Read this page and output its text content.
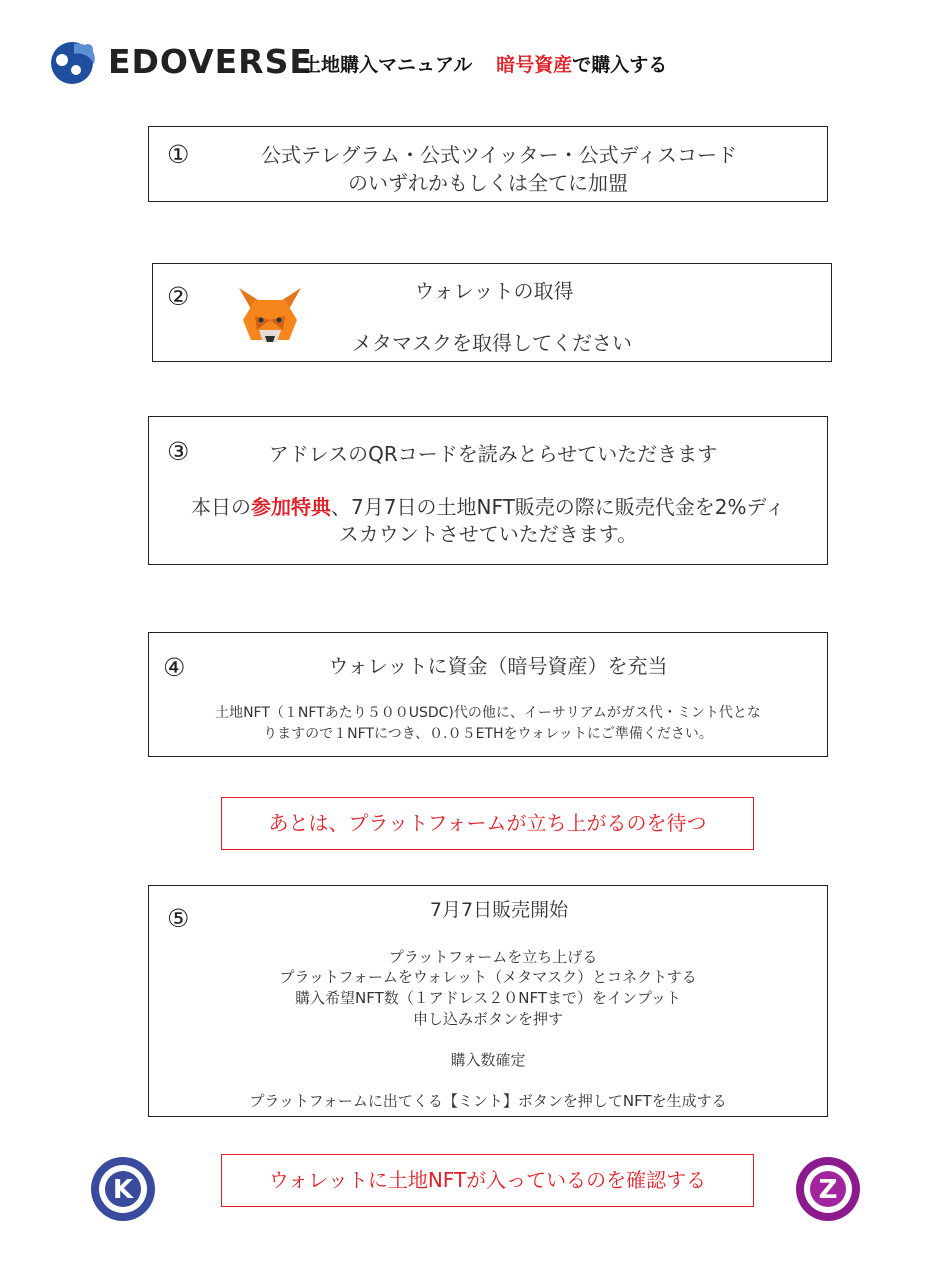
EDOVERSE
土地購入マニュアル 暗号資産で購入する
①	公式テレグラム・公式ツイッター・公式ディスコード
のいずれかもしくは全てに加盟
②	ウォレットの取得
メタマスクを取得してください
③	アドレスのQRコードを読みとらせていただきます
本日の参加特典、7月7日の土地NFT販売の際に販売代金を2%ディ
スカウントさせていただきます。
④	ウォレットに資金（暗号資産）を充当
土地NFT（１NFTあたり５００USDC)代の他に、イーサリアムがガス代・ミント代とな
りますので１NFTにつき、０.０５ETHをウォレットにご準備ください。
あとは、プラットフォームが立ち上がるのを待つ
⑤	7月7日販売開始
プラットフォームを立ち上げる
プラットフォームをウォレット（メタマスク）とコネクトする
購入希望NFT数（１アドレス２０NFTまで）をインプット
申し込みボタンを押す
購入数確定
プラットフォームに出てくる【ミント】ボタンを押してNFTを生成する
ウォレットに土地NFTが入っているのを確認する
K	Z
